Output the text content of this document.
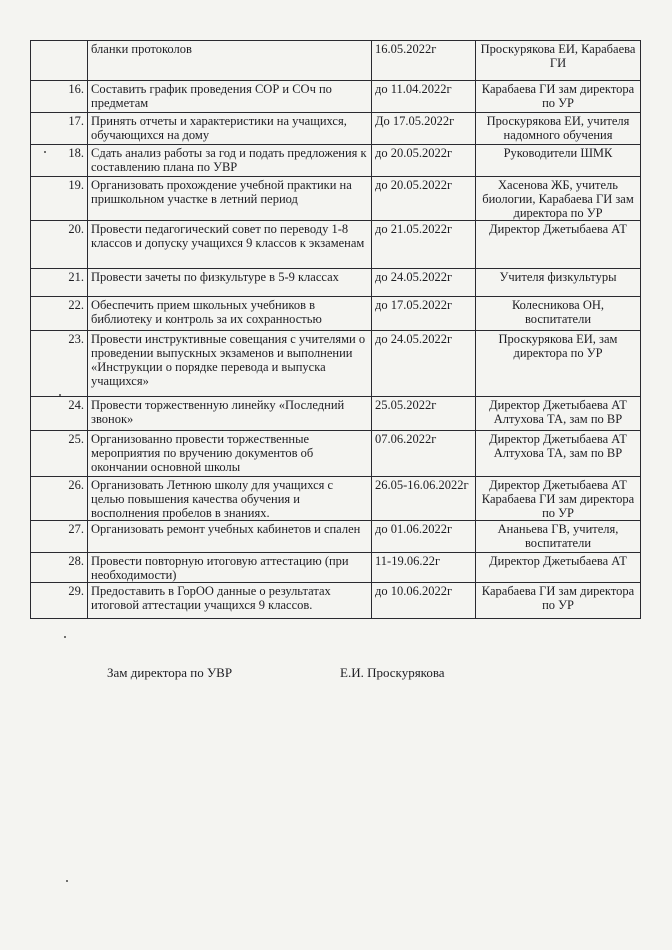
	бланки протоколов	16.05.2022г	Проскурякова ЕИ, Карабаева ГИ
16.	Составить график проведения СОР и СОч по предметам	до 11.04.2022г	Карабаева ГИ зам директора по УР
17.	Принять отчеты и характеристики на учащихся, обучающихся на дому	До 17.05.2022г	Проскурякова ЕИ, учителя надомного обучения
18.	Сдать анализ работы за год и подать предложения к составлению плана по УВР	до 20.05.2022г	Руководители ШМК
19.	Организовать прохождение учебной практики на пришкольном участке в летний период	до 20.05.2022г	Хасенова ЖБ, учитель биологии, Карабаева ГИ зам директора по УР
20.	Провести педагогический совет по переводу 1-8 классов и допуску учащихся 9 классов к экзаменам	до 21.05.2022г	Директор Джетыбаева АТ
21.	Провести зачеты по физкультуре в 5-9 классах	до 24.05.2022г	Учителя физкультуры
22.	Обеспечить прием школьных учебников в библиотеку и контроль за их сохранностью	до 17.05.2022г	Колесникова ОН, воспитатели
23.	Провести инструктивные совещания с учителями о проведении выпускных экзаменов и выполнении «Инструкции о порядке перевода и выпуска учащихся»	до 24.05.2022г	Проскурякова ЕИ, зам директора по УР
24.	Провести торжественную линейку «Последний звонок»	25.05.2022г	Директор Джетыбаева АТ Алтухова ТА, зам по ВР
25.	Организованно провести торжественные мероприятия по вручению документов об окончании основной школы	07.06.2022г	Директор Джетыбаева АТ Алтухова ТА, зам по ВР
26.	Организовать Летнюю школу для учащихся с целью повышения качества обучения и восполнения пробелов в знаниях.	26.05-16.06.2022г	Директор Джетыбаева АТ Карабаева ГИ зам директора по УР
27.	Организовать ремонт учебных кабинетов и спален	до 01.06.2022г	Ананьева ГВ, учителя, воспитатели
28.	Провести повторную итоговую аттестацию (при необходимости)	11-19.06.22г	Директор Джетыбаева АТ
29.	Предоставить в ГорОО данные о результатах итоговой аттестации учащихся 9 классов.	до 10.06.2022г	Карабаева ГИ зам директора по УР
Зам директора по УВР	Е.И. Проскурякова
